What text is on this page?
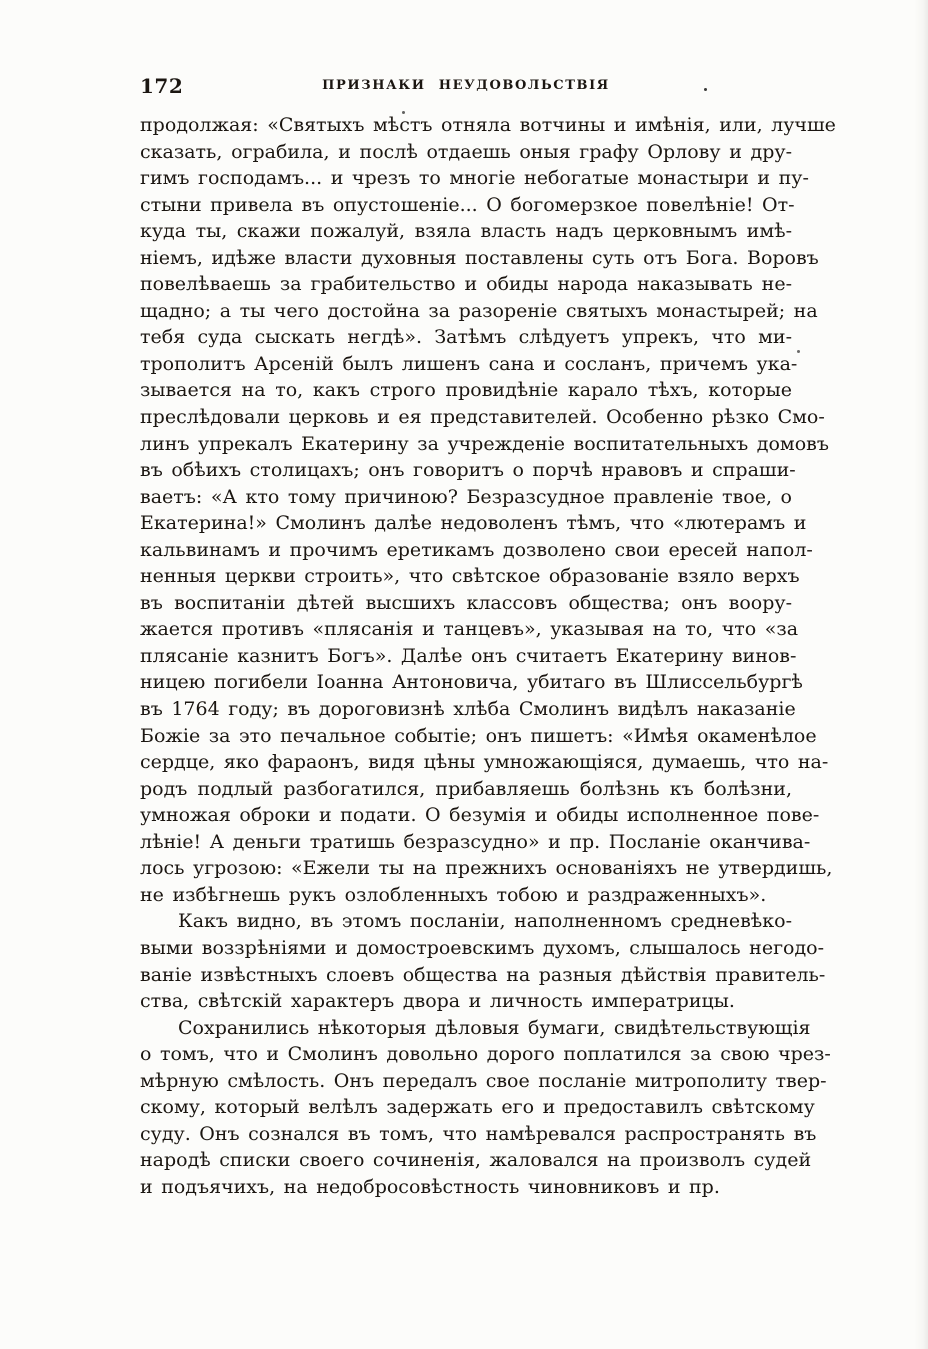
172	ПРИЗНАКИ НЕУДОВОЛЬСТВІЯ

продолжая: «Святыхъ мѣстъ отняла вотчины и имѣнія, или, лучше
сказать, ограбила, и послѣ отдаешь оныя графу Орлову и дру-
гимъ господамъ... и чрезъ то многіе небогатые монастыри и пу-
стыни привела въ опустошеніе... О богомерзкое повелѣніе! От-
куда ты, скажи пожалуй, взяла власть надъ церковнымъ имѣ-
ніемъ, идѣже власти духовныя поставлены суть отъ Бога. Воровъ
повелѣваешь за грабительство и обиды народа наказывать не-
щадно; а ты чего достойна за разореніе святыхъ монастырей; на
тебя суда сыскать негдѣ». Затѣмъ слѣдуетъ упрекъ, что ми-
трополитъ Арсеній былъ лишенъ сана и сосланъ, причемъ ука-
зывается на то, какъ строго провидѣніе карало тѣхъ, которые
преслѣдовали церковь и ея представителей. Особенно рѣзко Смо-
линъ упрекалъ Екатерину за учрежденіе воспитательныхъ домовъ
въ обѣихъ столицахъ; онъ говоритъ о порчѣ нравовъ и спраши-
ваетъ: «А кто тому причиною? Безразсудное правленіе твое, о
Екатерина!» Смолинъ далѣе недоволенъ тѣмъ, что «лютерамъ и
кальвинамъ и прочимъ еретикамъ дозволено свои ересей напол-
ненныя церкви строить», что свѣтское образованіе взяло верхъ
въ воспитаніи дѣтей высшихъ классовъ общества; онъ воору-
жается противъ «плясанія и танцевъ», указывая на то, что «за
плясаніе казнитъ Богъ». Далѣе онъ считаетъ Екатерину винов-
ницею погибели Іоанна Антоновича, убитаго въ Шлиссельбургѣ
въ 1764 году; въ дороговизнѣ хлѣба Смолинъ видѣлъ наказаніе
Божіе за это печальное событіе; онъ пишетъ: «Имѣя окаменѣлое
сердце, яко фараонъ, видя цѣны умножающіяся, думаешь, что на-
родъ подлый разбогатился, прибавляешь болѣзнь къ болѣзни,
умножая оброки и подати. О безумія и обиды исполненное пове-
лѣніе! А деньги тратишь безразсудно» и пр. Посланіе оканчива-
лось угрозою: «Ежели ты на прежнихъ основаніяхъ не утвердишь,
не избѣгнешь рукъ озлобленныхъ тобою и раздраженныхъ».

Какъ видно, въ этомъ посланіи, наполненномъ средневѣко-
выми воззрѣніями и домостроевскимъ духомъ, слышалось негодо-
ваніе извѣстныхъ слоевъ общества на разныя дѣйствія правитель-
ства, свѣтскій характеръ двора и личность императрицы.

Сохранились нѣкоторыя дѣловыя бумаги, свидѣтельствующія
о томъ, что и Смолинъ довольно дорого поплатился за свою чрез-
мѣрную смѣлость. Онъ передалъ свое посланіе митрополиту твер-
скому, который велѣлъ задержать его и предоставилъ свѣтскому
суду. Онъ сознался въ томъ, что намѣревался распространять въ
народѣ списки своего сочиненія, жаловался на произволъ судей
и подъячихъ, на недобросовѣстность чиновниковъ и пр.
